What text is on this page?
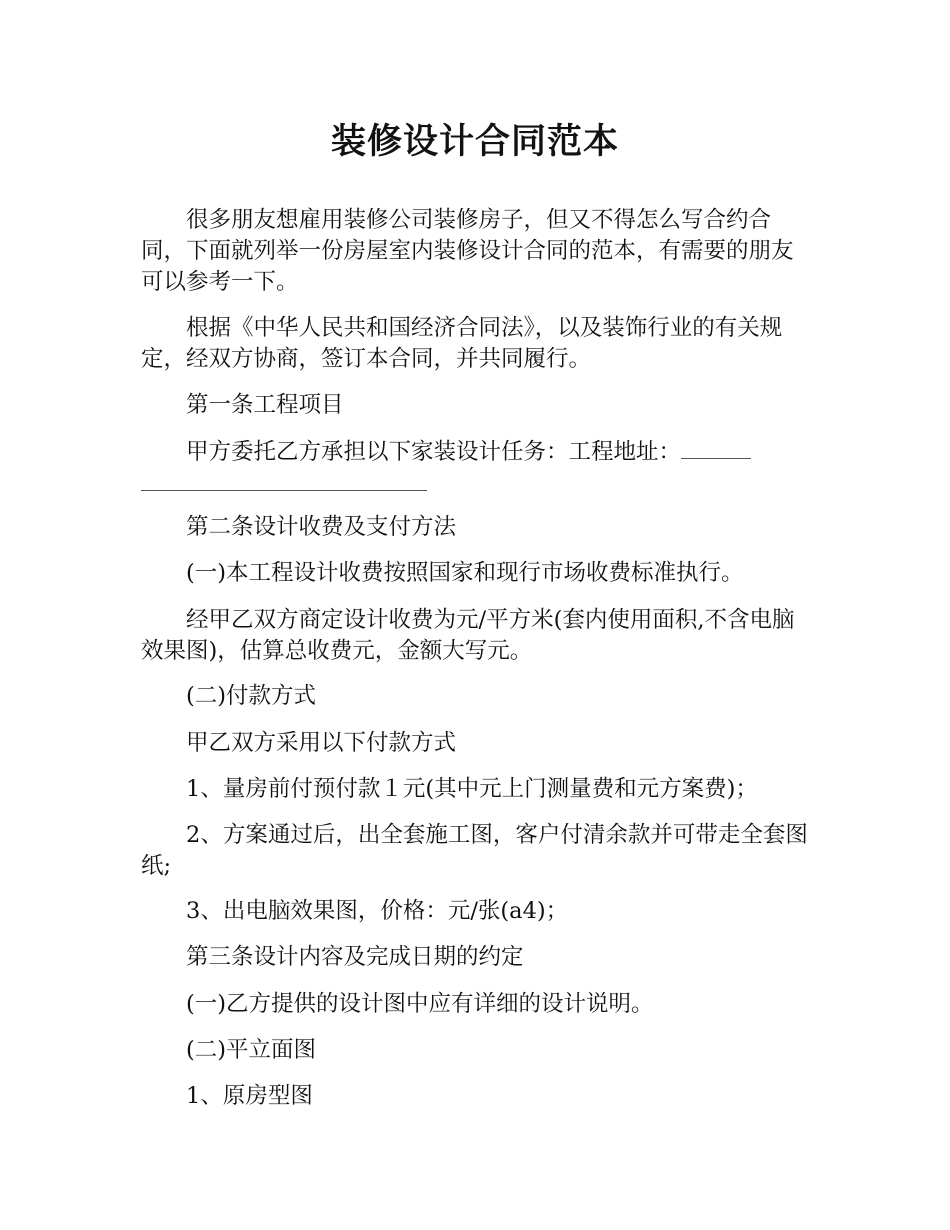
装修设计合同范本

很多朋友想雇用装修公司装修房子，但又不得怎么写合约合同，下面就列举一份房屋室内装修设计合同的范本，有需要的朋友可以参考一下。

根据《中华人民共和国经济合同法》，以及装饰行业的有关规定，经双方协商，签订本合同，并共同履行。

第一条工程项目

甲方委托乙方承担以下家装设计任务：工程地址：

第二条设计收费及支付方法

(一)本工程设计收费按照国家和现行市场收费标准执行。

经甲乙双方商定设计收费为元/平方米(套内使用面积,不含电脑效果图)，估算总收费元，金额大写元。

(二)付款方式

甲乙双方采用以下付款方式

1、量房前付预付款１元(其中元上门测量费和元方案费)；

2、方案通过后，出全套施工图，客户付清余款并可带走全套图纸;

3、出电脑效果图，价格：元/张(a4)；

第三条设计内容及完成日期的约定

(一)乙方提供的设计图中应有详细的设计说明。

(二)平立面图

1、原房型图
